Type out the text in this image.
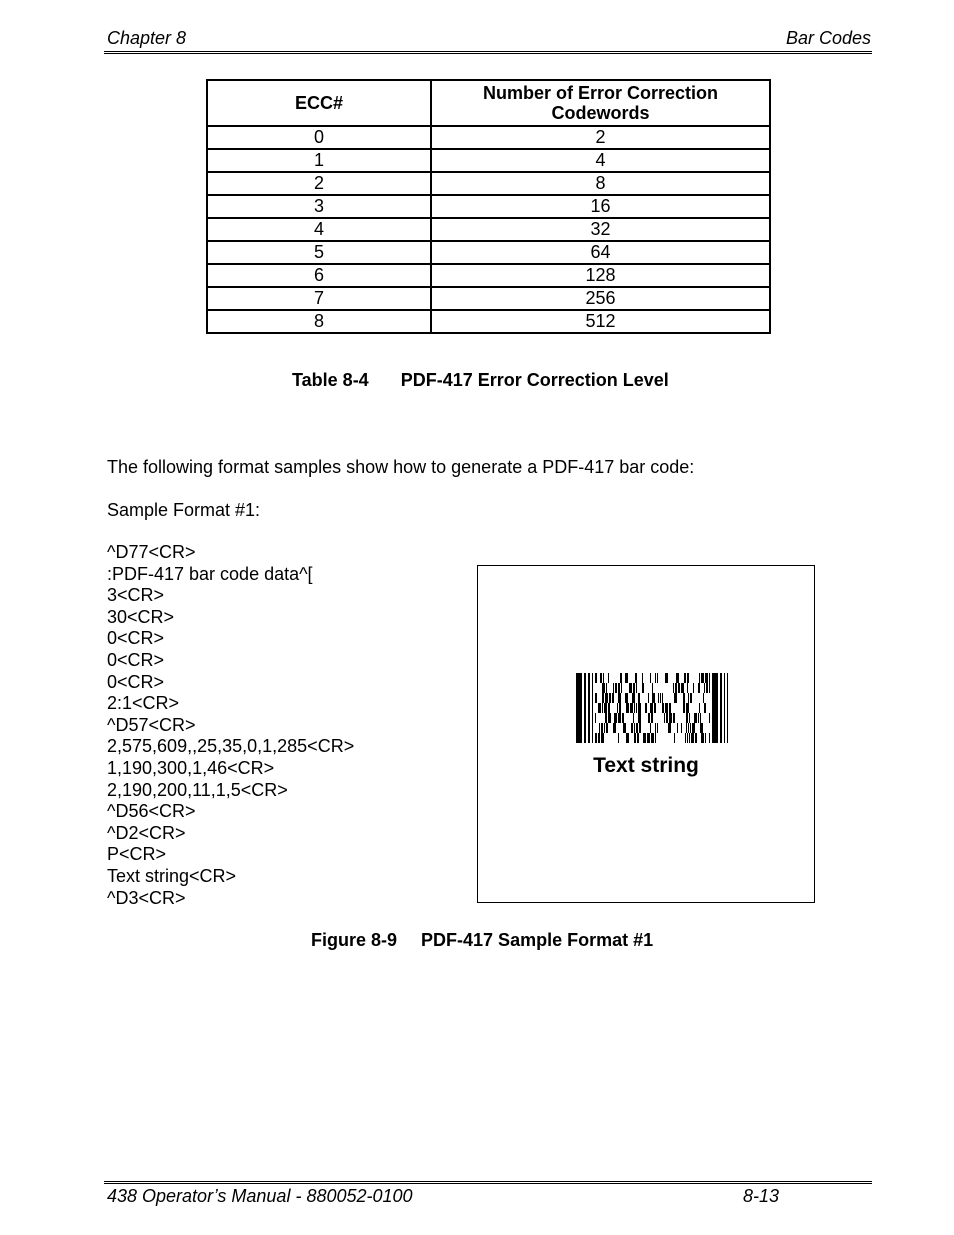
Chapter 8	Bar Codes
ECC#	Number of Error Correction Codewords

0	2
1	4
2	8
3	16
4	32
5	64
6	128
7	256
8	512
Table 8-4 PDF-417 Error Correction Level
The following format samples show how to generate a PDF-417 bar code:
Sample Format #1:
^D77<CR>
:PDF-417 bar code data^[
3<CR>
30<CR>
0<CR>
0<CR>
0<CR>
2:1<CR>
^D57<CR>
2,575,609,,25,35,0,1,285<CR>
1,190,300,1,46<CR>
2,190,200,11,1,5<CR>
^D56<CR>
^D2<CR>
P<CR>
Text string<CR>
^D3<CR>
Text string
Figure 8-9 PDF-417 Sample Format #1
438 Operator’s Manual - 880052-0100	8-13
